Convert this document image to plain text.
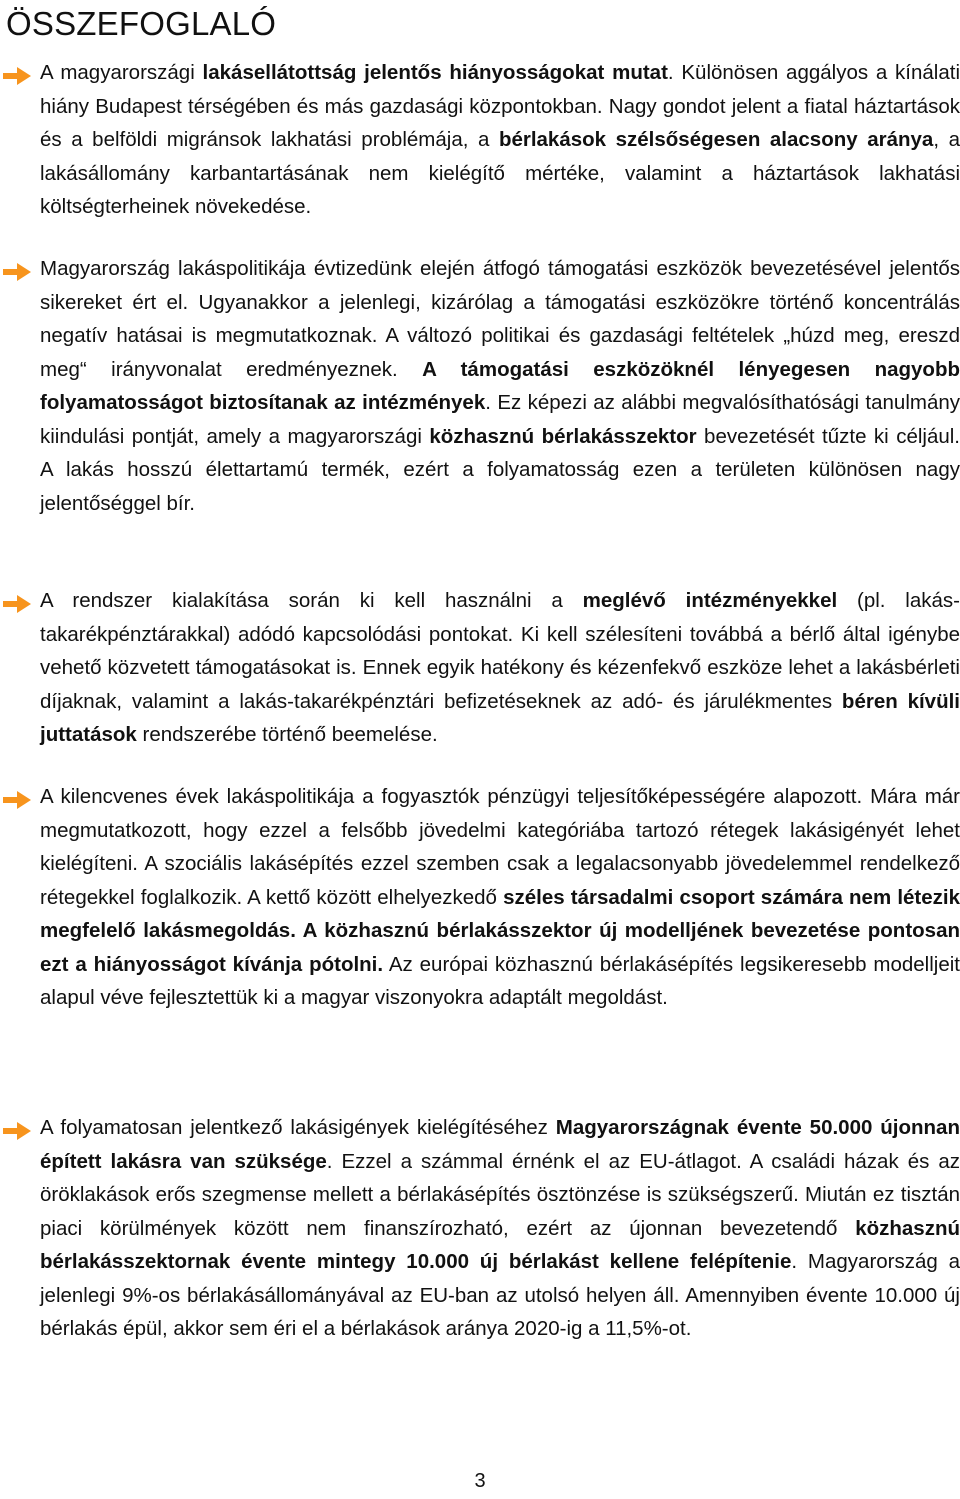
ÖSSZEFOGLALÓ

A magyarországi lakásellátottság jelentős hiányosságokat mutat. Különösen aggályos a kínálati hiány Budapest térségében és más gazdasági központokban. Nagy gondot jelent a fiatal háztartások és a belföldi migránsok lakhatási problémája, a bérlakások szélsőségesen alacsony aránya, a lakásállomány karbantartásának nem kielégítő mértéke, valamint a háztartások lakhatási költségterheinek növekedése.

Magyarország lakáspolitikája évtizedünk elején átfogó támogatási eszközök bevezetésével jelentős sikereket ért el. Ugyanakkor a jelenlegi, kizárólag a támogatási eszközökre történő koncentrálás negatív hatásai is megmutatkoznak. A változó politikai és gazdasági feltételek „húzd meg, ereszd meg“ irányvonalat eredményeznek. A támogatási eszközöknél lényegesen nagyobb folyamatosságot biztosítanak az intézmények. Ez képezi az alábbi megvalósíthatósági tanulmány kiindulási pontját, amely a magyarországi közhasznú bérlakásszektor bevezetését tűzte ki céljául. A lakás hosszú élettartamú termék, ezért a folyamatosság ezen a területen különösen nagy jelentőséggel bír.

A rendszer kialakítása során ki kell használni a meglévő intézményekkel (pl. lakástakarékpénztárakkal) adódó kapcsolódási pontokat. Ki kell szélesíteni továbbá a bérlő által igénybe vehető közvetett támogatásokat is. Ennek egyik hatékony és kézenfekvő eszköze lehet a lakásbérleti díjaknak, valamint a lakás-takarékpénztári befizetéseknek az adó- és járulékmentes béren kívüli juttatások rendszerébe történő beemelése.

A kilencvenes évek lakáspolitikája a fogyasztók pénzügyi teljesítőképességére alapozott. Mára már megmutatkozott, hogy ezzel a felsőbb jövedelmi kategóriába tartozó rétegek lakásigényét lehet kielégíteni. A szociális lakásépítés ezzel szemben csak a legalacsonyabb jövedelemmel rendelkező rétegekkel foglalkozik. A kettő között elhelyezkedő széles társadalmi csoport számára nem létezik megfelelő lakásmegoldás. A közhasznú bérlakásszektor új modelljének bevezetése pontosan ezt a hiányosságot kívánja pótolni. Az európai közhasznú bérlakásépítés legsikeresebb modelljeit alapul véve fejlesztettük ki a magyar viszonyokra adaptált megoldást.

A folyamatosan jelentkező lakásigények kielégítéséhez Magyarországnak évente 50.000 újonnan épített lakásra van szüksége. Ezzel a számmal érnénk el az EU-átlagot. A családi házak és az öröklakások erős szegmense mellett a bérlakásépítés ösztönzése is szükségszerű. Miután ez tisztán piaci körülmények között nem finanszírozható, ezért az újonnan bevezetendő közhasznú bérlakásszektornak évente mintegy 10.000 új bérlakást kellene felépítenie. Magyarország a jelenlegi 9%-os bérlakásállományával az EU-ban az utolsó helyen áll. Amennyiben évente 10.000 új bérlakás épül, akkor sem éri el a bérlakások aránya 2020-ig a 11,5%-ot.

3
